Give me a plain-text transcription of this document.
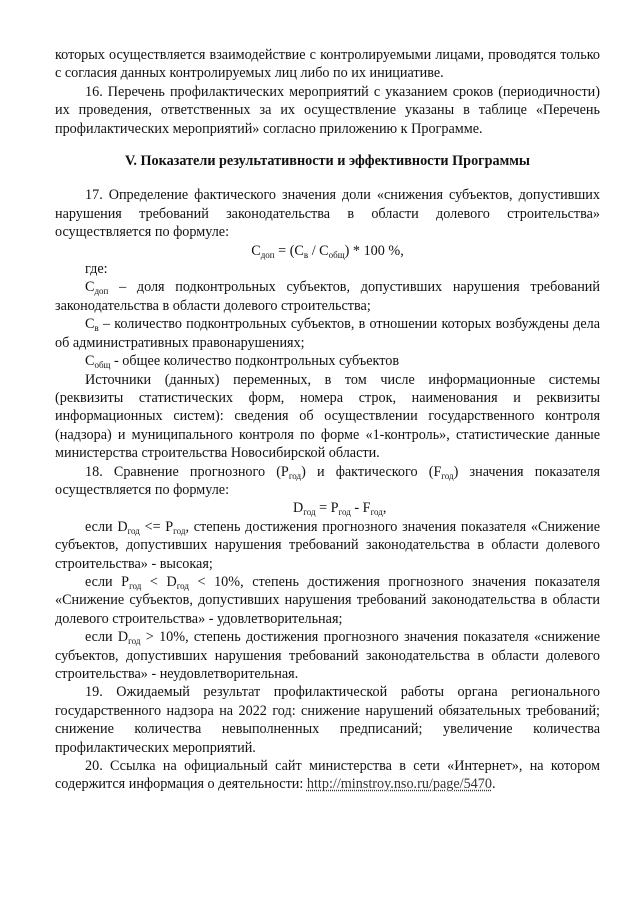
которых осуществляется взаимодействие с контролируемыми лицами, проводятся только с согласия данных контролируемых лиц либо по их инициативе.

16. Перечень профилактических мероприятий с указанием сроков (периодичности) их проведения, ответственных за их осуществление указаны в таблице «Перечень профилактических мероприятий» согласно приложению к Программе.

V. Показатели результативности и эффективности Программы

17. Определение фактического значения доли «снижения субъектов, допустивших нарушения требований законодательства в области долевого строительства» осуществляется по формуле:

$С_{доп} = (С_в / С_{общ}) * 100$ %,

где:

$С_{доп}$ – доля подконтрольных субъектов, допустивших нарушения требований законодательства в области долевого строительства;

$С_в$ – количество подконтрольных субъектов, в отношении которых возбуждены дела об административных правонарушениях;

$С_{общ}$ - общее количество подконтрольных субъектов

Источники (данных) переменных, в том числе информационные системы (реквизиты статистических форм, номера строк, наименования и реквизиты информационных систем): сведения об осуществлении государственного контроля (надзора) и муниципального контроля по форме «1-контроль», статистические данные министерства строительства Новосибирской области.

18. Сравнение прогнозного $(Р_{год})$ и фактического $(F_{год})$ значения показателя осуществляется по формуле:

$D_{год} = Р_{год} - F_{год}$,

если $D_{год} <= Р_{год}$, степень достижения прогнозного значения показателя «Снижение субъектов, допустивших нарушения требований законодательства в области долевого строительства» - высокая;

если $Р_{год} < D_{год} < 10\%$, степень достижения прогнозного значения показателя «Снижение субъектов, допустивших нарушения требований законодательства в области долевого строительства» - удовлетворительная;

если $D_{год} > 10\%$, степень достижения прогнозного значения показателя «снижение субъектов, допустивших нарушения требований законодательства в области долевого строительства» - неудовлетворительная.

19. Ожидаемый результат профилактической работы органа регионального государственного надзора на 2022 год: снижение нарушений обязательных требований; снижение количества невыполненных предписаний; увеличение количества профилактических мероприятий.

20. Ссылка на официальный сайт министерства в сети «Интернет», на котором содержится информация о деятельности: http://minstroy.nso.ru/page/5470.
